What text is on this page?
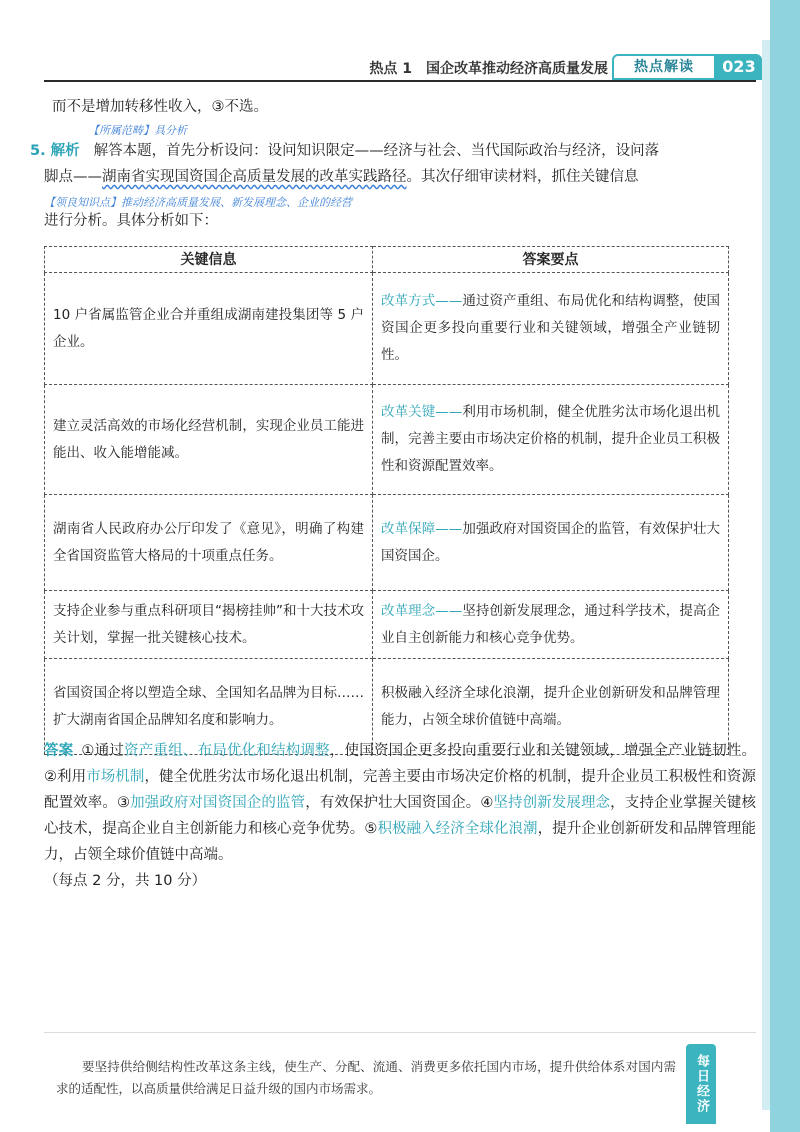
热点 1 国企改革推动经济高质量发展	热点解读	023
而不是增加转移性收入，③不选。
【所属范畴】具分析
5. 解析 解答本题，首先分析设问：设问知识限定——经济与社会、当代国际政治与经济，设问落
脚点——湖南省实现国资国企高质量发展的改革实践路径。其次仔细审读材料，抓住关键信息
【领良知识点】推动经济高质量发展、新发展理念、企业的经营
进行分析。具体分析如下：
关键信息	答案要点
10 户省属监管企业合并重组成湖南建投集团等 5 户企业。	改革方式——通过资产重组、布局优化和结构调整，使国资国企更多投向重要行业和关键领域，增强全产业链韧性。
建立灵活高效的市场化经营机制，实现企业员工能进能出、收入能增能减。	改革关键——利用市场机制，健全优胜劣汰市场化退出机制，完善主要由市场决定价格的机制，提升企业员工积极性和资源配置效率。
湖南省人民政府办公厅印发了《意见》，明确了构建全省国资监管大格局的十项重点任务。	改革保障——加强政府对国资国企的监管，有效保护壮大国资国企。
支持企业参与重点科研项目“揭榜挂帅”和十大技术攻关计划，掌握一批关键核心技术。	改革理念——坚持创新发展理念，通过科学技术，提高企业自主创新能力和核心竞争优势。
省国资国企将以塑造全球、全国知名品牌为目标……扩大湖南省国企品牌知名度和影响力。	积极融入经济全球化浪潮，提升企业创新研发和品牌管理能力，占领全球价值链中高端。
答案 ①通过资产重组、布局优化和结构调整，使国资国企更多投向重要行业和关键领域，增强全产业链韧性。②利用市场机制，健全优胜劣汰市场化退出机制，完善主要由市场决定价格的机制，提升企业员工积极性和资源配置效率。③加强政府对国资国企的监管，有效保护壮大国资国企。④坚持创新发展理念，支持企业掌握关键核心技术，提高企业自主创新能力和核心竞争优势。⑤积极融入经济全球化浪潮，提升企业创新研发和品牌管理能力，占领全球价值链中高端。
（每点 2 分，共 10 分）
要坚持供给侧结构性改革这条主线，使生产、分配、流通、消费更多依托国内市场，提升供给体系对国内需求的适配性，以高质量供给满足日益升级的国内市场需求。	每日经济
